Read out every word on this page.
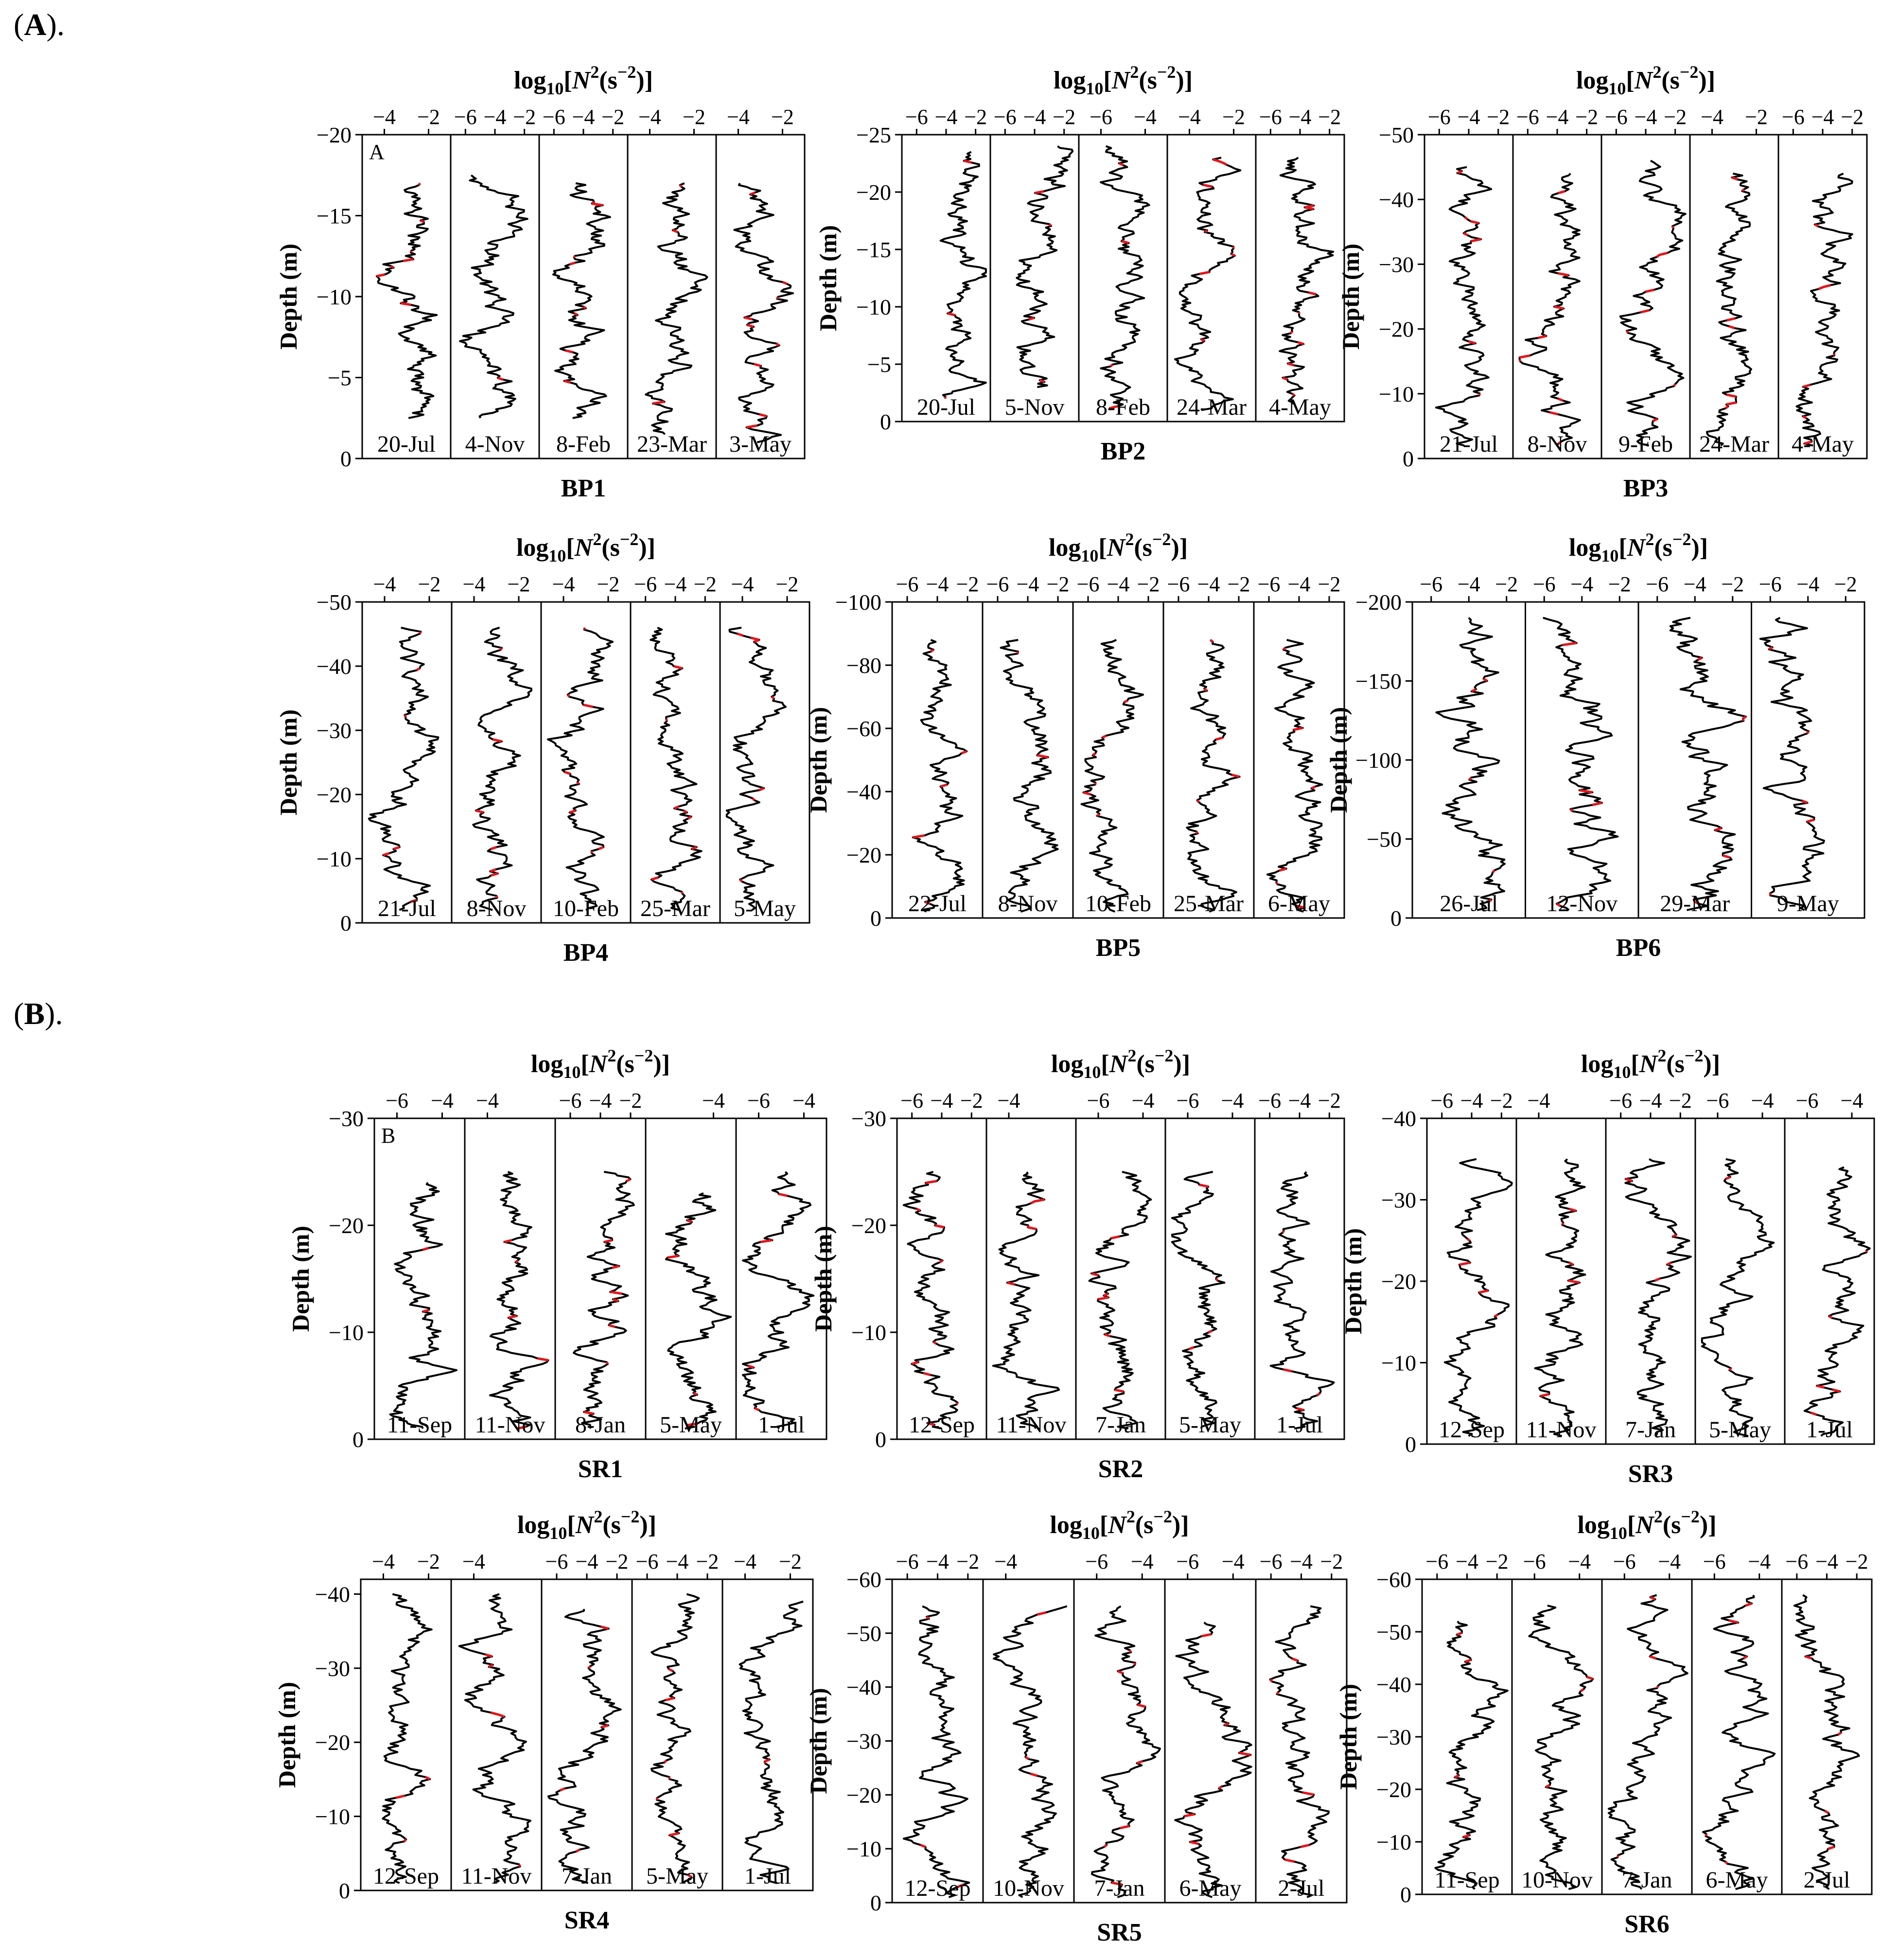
(A).
(B).
0
−5
−10
−15
−20
Depth (m)
$\log_{10}[N^2(s^{-2})]$
BP1
−4 −2
20-Jul
−6 −4 −2
4-Nov
−6 −4 −2
8-Feb
−4 −2
23-Mar
−4 −2
3-May
A
0
−5
−10
−15
−20
−25
Depth (m)
$\log_{10}[N^2(s^{-2})]$
BP2
−6 −4 −2
20-Jul
−6 −4 −2
5-Nov
−6 −4
8-Feb
−4 −2
24-Mar
−6 −4 −2
4-May
0
−10
−20
−30
−40
−50
Depth (m)
$\log_{10}[N^2(s^{-2})]$
BP3
−6 −4 −2
21-Jul
−6 −4 −2
8-Nov
−6 −4 −2
9-Feb
−4 −2
24-Mar
−6 −4 −2
4-May
0
−10
−20
−30
−40
−50
Depth (m)
$\log_{10}[N^2(s^{-2})]$
BP4
−4 −2
21-Jul
−4 −2
8-Nov
−4 −2
10-Feb
−6 −4 −2
25-Mar
−4 −2
5-May	0
−20
−40
−60
−80
−100
Depth (m)
$\log_{10}[N^2(s^{-2})]$
BP5
−6 −4 −2
22-Jul
−6 −4 −2
8-Nov
−6 −4 −2
10-Feb
−6 −4 −2
25-Mar
−6 −4 −2
6-May
0
−50
−100
−150
−200
Depth (m)
$\log_{10}[N^2(s^{-2})]$
BP6
−6 −4 −2
26-Jul
−6 −4 −2
12-Nov
−6 −4 −2
29-Mar
−6 −4 −2
9-May
0
−10
−20
−30
Depth (m)
$\log_{10}[N^2(s^{-2})]$
SR1
−6 −4
11-Sep
−4
11-Nov
−6 −4 −2
8-Jan
−4
5-May
−6 −4
1-Jul
B
0
−10
−20
−30
Depth (m)
$\log_{10}[N^2(s^{-2})]$
SR2
−6 −4 −2
12-Sep
−4
11-Nov
−6 −4
7-Jan
−6 −4
5-May
−6 −4 −2
1-Jul
0
−10
−20
−30
−40
Depth (m)
$\log_{10}[N^2(s^{-2})]$
SR3
−6 −4 −2
12-Sep
−4
11-Nov
−6 −4 −2
7-Jan
−6 −4
5-May
−6 −4
1-Jul
0
−10
−20
−30
−40
Depth (m)
$\log_{10}[N^2(s^{-2})]$
SR4
−4 −2
12-Sep
−4
11-Nov
−6 −4 −2
7-Jan
−6 −4 −2
5-May
−4 −2
1-Jul
0
−10
−20
−30
−40
−50
−60
Depth (m)
$\log_{10}[N^2(s^{-2})]$
SR5
−6 −4 −2
12-Sep
−4
10-Nov
−6 −4
7-Jan
−6 −4
6-May
−6 −4 −2
2-Jul	0
−10
−20
−30
−40
−50
−60
Depth (m)
$\log_{10}[N^2(s^{-2})]$
SR6
−6 −4 −2
11-Sep
−6 −4
10-Nov
−6 −4
7-Jan
−6 −4
6-May
−6 −4 −2
2-Jul
